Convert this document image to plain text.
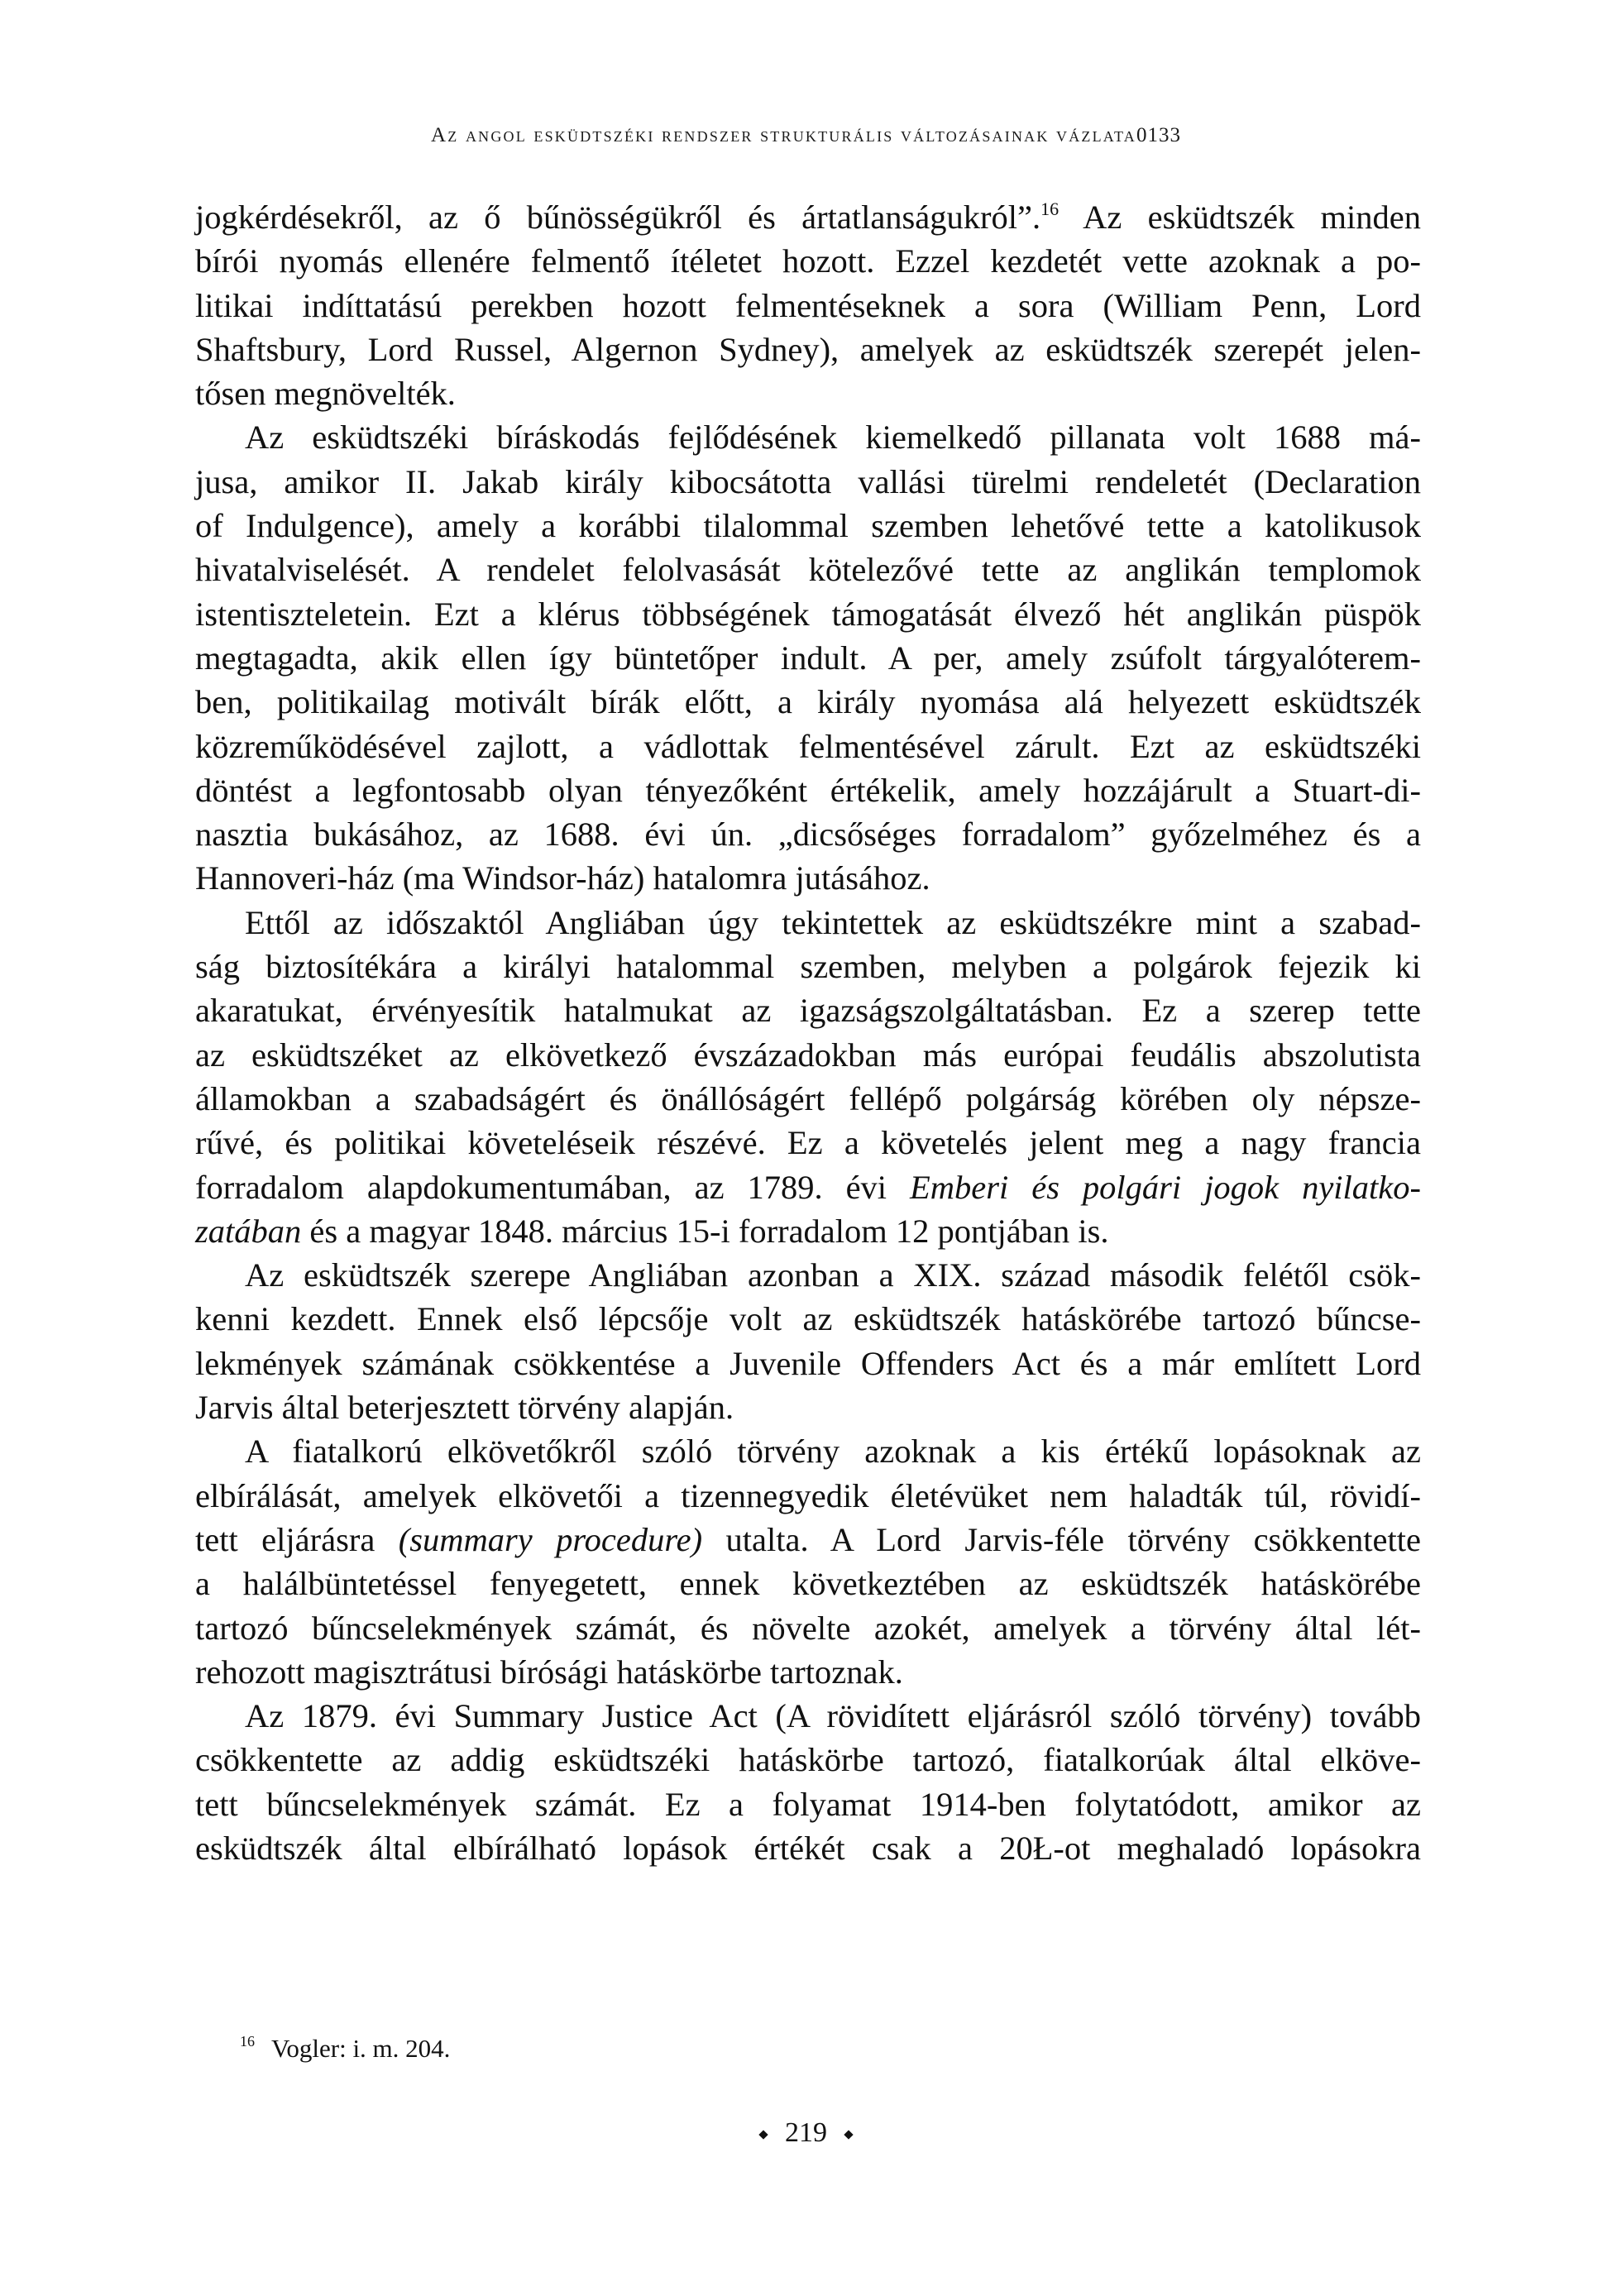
Az angol esküdtszéki rendszer strukturális változásainak vázlata0133
jogkérdésekről, az ő bűnösségükről és ártatlanságukról”.$^{16}$ Az esküdtszék minden
bírói nyomás ellenére felmentő ítéletet hozott. Ezzel kezdetét vette azoknak a po-
litikai indíttatású perekben hozott felmentéseknek a sora (William Penn, Lord
Shaftsbury, Lord Russel, Algernon Sydney), amelyek az esküdtszék szerepét jelen-
tősen megnövelték.
Az esküdtszéki bíráskodás fejlődésének kiemelkedő pillanata volt 1688 má-
jusa, amikor II. Jakab király kibocsátotta vallási türelmi rendeletét (Declaration
of Indulgence), amely a korábbi tilalommal szemben lehetővé tette a katolikusok
hivatalviselését. A rendelet felolvasását kötelezővé tette az anglikán templomok
istentiszteletein. Ezt a klérus többségének támogatását élvező hét anglikán püspök
megtagadta, akik ellen így büntetőper indult. A per, amely zsúfolt tárgyalóterem-
ben, politikailag motivált bírák előtt, a király nyomása alá helyezett esküdtszék
közreműködésével zajlott, a vádlottak felmentésével zárult. Ezt az esküdtszéki
döntést a legfontosabb olyan tényezőként értékelik, amely hozzájárult a Stuart-di-
nasztia bukásához, az 1688. évi ún. „dicsőséges forradalom” győzelméhez és a
Hannoveri-ház (ma Windsor-ház) hatalomra jutásához.
Ettől az időszaktól Angliában úgy tekintettek az esküdtszékre mint a szabad-
ság biztosítékára a királyi hatalommal szemben, melyben a polgárok fejezik ki
akaratukat, érvényesítik hatalmukat az igazságszolgáltatásban. Ez a szerep tette
az esküdtszéket az elkövetkező évszázadokban más európai feudális abszolutista
államokban a szabadságért és önállóságért fellépő polgárság körében oly népsze-
rűvé, és politikai követeléseik részévé. Ez a követelés jelent meg a nagy francia
forradalom alapdokumentumában, az 1789. évi Emberi és polgári jogok nyilatko-
zatában és a magyar 1848. március 15-i forradalom 12 pontjában is.
Az esküdtszék szerepe Angliában azonban a XIX. század második felétől csök-
kenni kezdett. Ennek első lépcsője volt az esküdtszék hatáskörébe tartozó bűncse-
lekmények számának csökkentése a Juvenile Offenders Act és a már említett Lord
Jarvis által beterjesztett törvény alapján.
A fiatalkorú elkövetőkről szóló törvény azoknak a kis értékű lopásoknak az
elbírálását, amelyek elkövetői a tizennegyedik életévüket nem haladták túl, rövidí-
tett eljárásra (summary procedure) utalta. A Lord Jarvis-féle törvény csökkentette
a halálbüntetéssel fenyegetett, ennek következtében az esküdtszék hatáskörébe
tartozó bűncselekmények számát, és növelte azokét, amelyek a törvény által lét-
rehozott magisztrátusi bírósági hatáskörbe tartoznak.
Az 1879. évi Summary Justice Act (A rövidített eljárásról szóló törvény) tovább
csökkentette az addig esküdtszéki hatáskörbe tartozó, fiatalkorúak által elköve-
tett bűncselekmények számát. Ez a folyamat 1914-ben folytatódott, amikor az
esküdtszék által elbírálható lopások értékét csak a 20Ł-ot meghaladó lopásokra
$^{16}$ Vogler: i. m. 204.
219
